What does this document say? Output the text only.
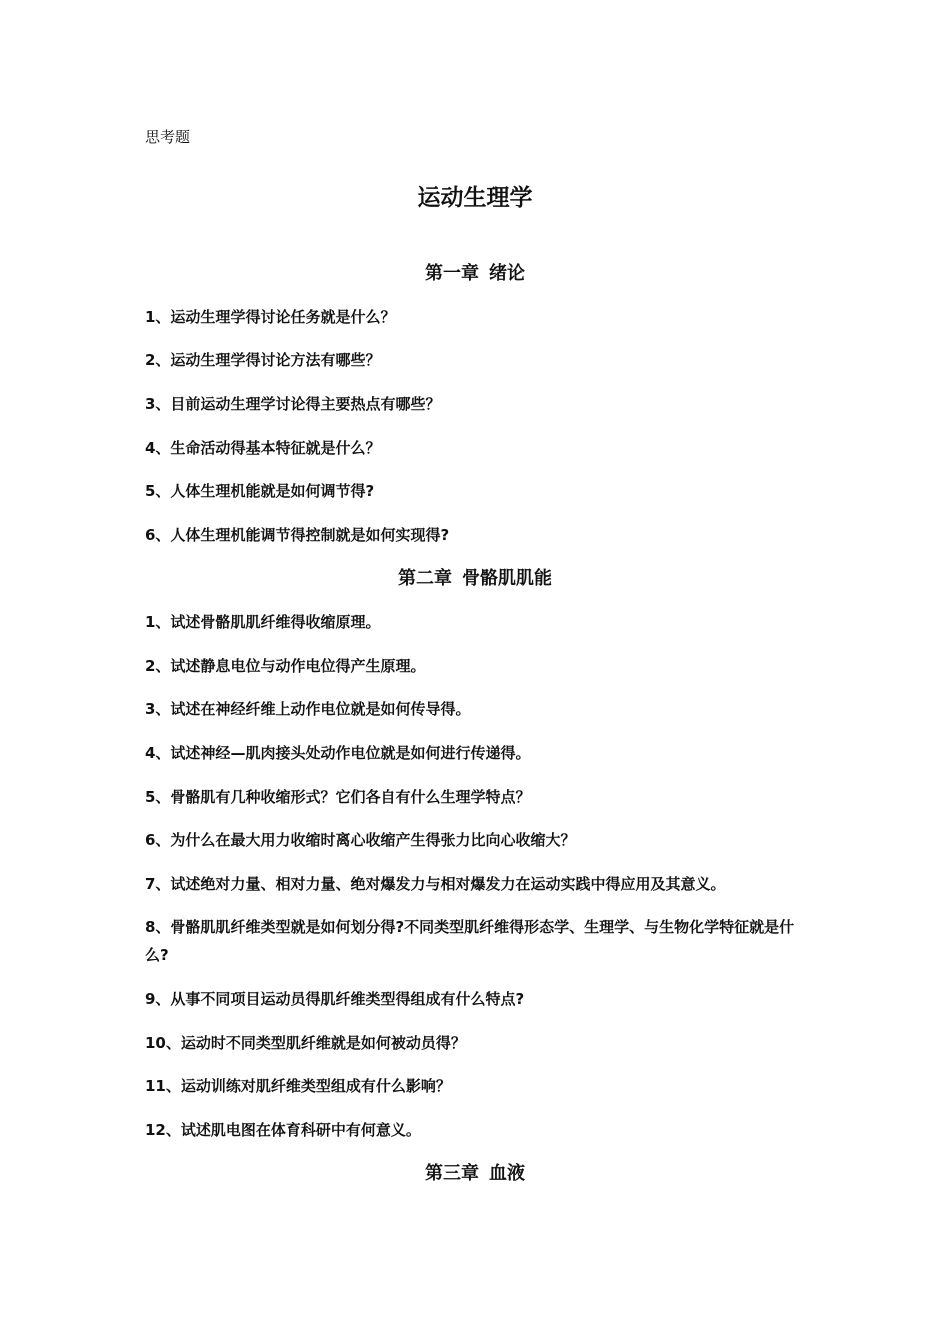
思考题
运动生理学
第一章 绪论
1、运动生理学得讨论任务就是什么？
2、运动生理学得讨论方法有哪些？
3、目前运动生理学讨论得主要热点有哪些？
4、生命活动得基本特征就是什么？
5、人体生理机能就是如何调节得?
6、人体生理机能调节得控制就是如何实现得?
第二章 骨骼肌肌能
1、试述骨骼肌肌纤维得收缩原理。
2、试述静息电位与动作电位得产生原理。
3、试述在神经纤维上动作电位就是如何传导得。
4、试述神经—肌肉接头处动作电位就是如何进行传递得。
5、骨骼肌有几种收缩形式？它们各自有什么生理学特点？
6、为什么在最大用力收缩时离心收缩产生得张力比向心收缩大？
7、试述绝对力量、相对力量、绝对爆发力与相对爆发力在运动实践中得应用及其意义。
8、骨骼肌肌纤维类型就是如何划分得?不同类型肌纤维得形态学、生理学、与生物化学特征就是什么?
9、从事不同项目运动员得肌纤维类型得组成有什么特点?
10、运动时不同类型肌纤维就是如何被动员得？
11、运动训练对肌纤维类型组成有什么影响？
12、试述肌电图在体育科研中有何意义。
第三章 血液
